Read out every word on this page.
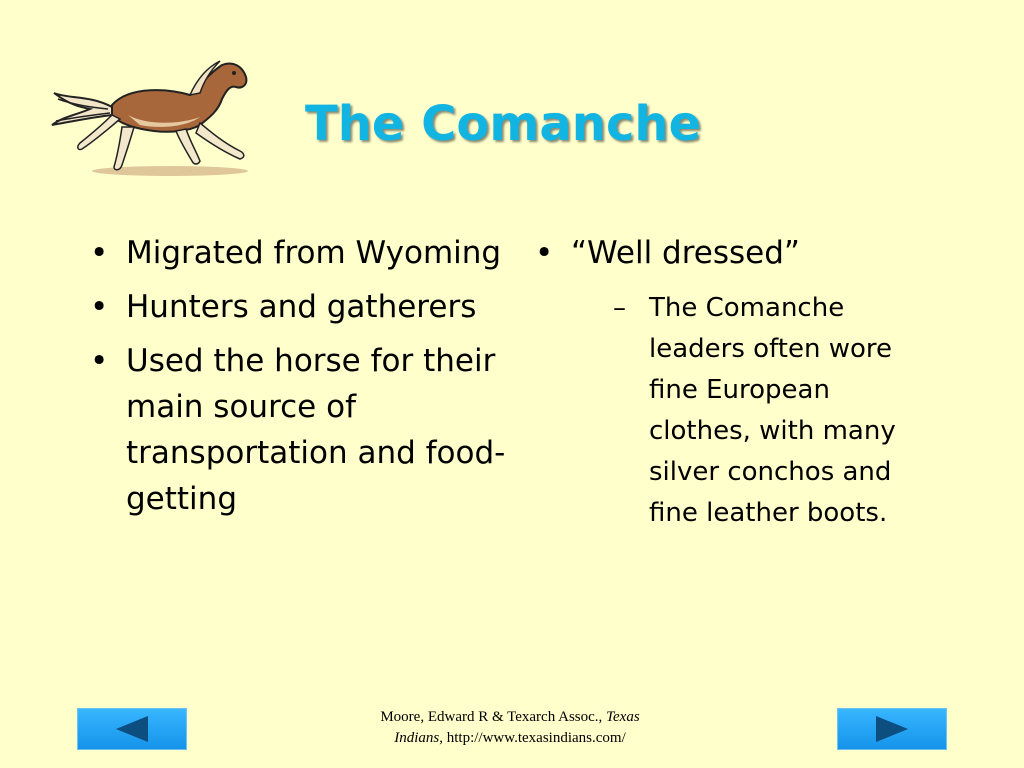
The Comanche
• Migrated from Wyoming
• Hunters and gatherers
• Used the horse for their main source of transportation and food-getting
• “Well dressed”
– The Comanche leaders often wore fine European clothes, with many silver conchos and fine leather boots.
Moore, Edward R & Texarch Assoc., Texas
Indians, http://www.texasindians.com/
